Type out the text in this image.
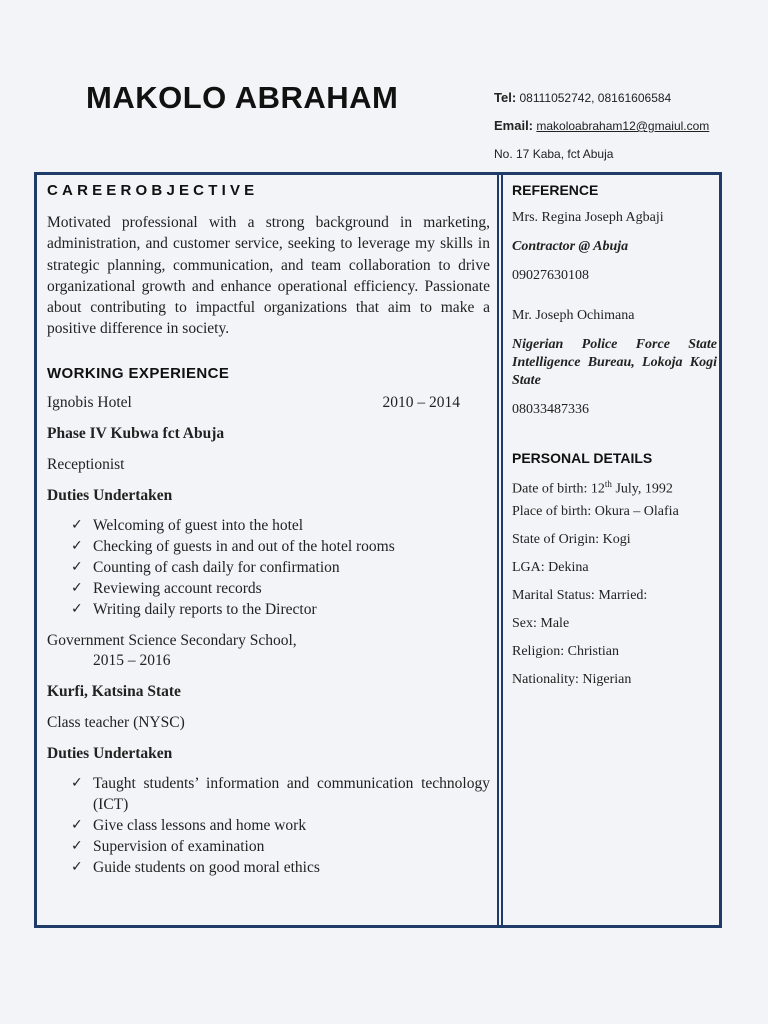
MAKOLO ABRAHAM	Tel: 08111052742, 08161606584
Email: makoloabraham12@gmaiul.com
No. 17 Kaba, fct Abuja
CAREEROBJECTIVE
Motivated professional with a strong background in marketing, administration, and customer service, seeking to leverage my skills in strategic planning, communication, and team collaboration to drive organizational growth and enhance operational efficiency. Passionate about contributing to impactful organizations that aim to make a positive difference in society.
WORKING EXPERIENCE
Ignobis Hotel	2010 – 2014
Phase IV Kubwa fct Abuja
Receptionist
Duties Undertaken
✓ Welcoming of guest into the hotel
✓ Checking of guests in and out of the hotel rooms
✓ Counting of cash daily for confirmation
✓ Reviewing account records
✓ Writing daily reports to the Director
Government Science Secondary School,
2015 – 2016
Kurfi, Katsina State
Class teacher (NYSC)
Duties Undertaken
✓ Taught students’ information and communication technology (ICT)
✓ Give class lessons and home work
✓ Supervision of examination
✓ Guide students on good moral ethics
REFERENCE
Mrs. Regina Joseph Agbaji
Contractor @ Abuja
09027630108
Mr. Joseph Ochimana
Nigerian Police Force State Intelligence Bureau, Lokoja Kogi State
08033487336
PERSONAL DETAILS
Date of birth: 12th July, 1992
Place of birth: Okura – Olafia
State of Origin: Kogi
LGA: Dekina
Marital Status: Married:
Sex: Male
Religion: Christian
Nationality: Nigerian
